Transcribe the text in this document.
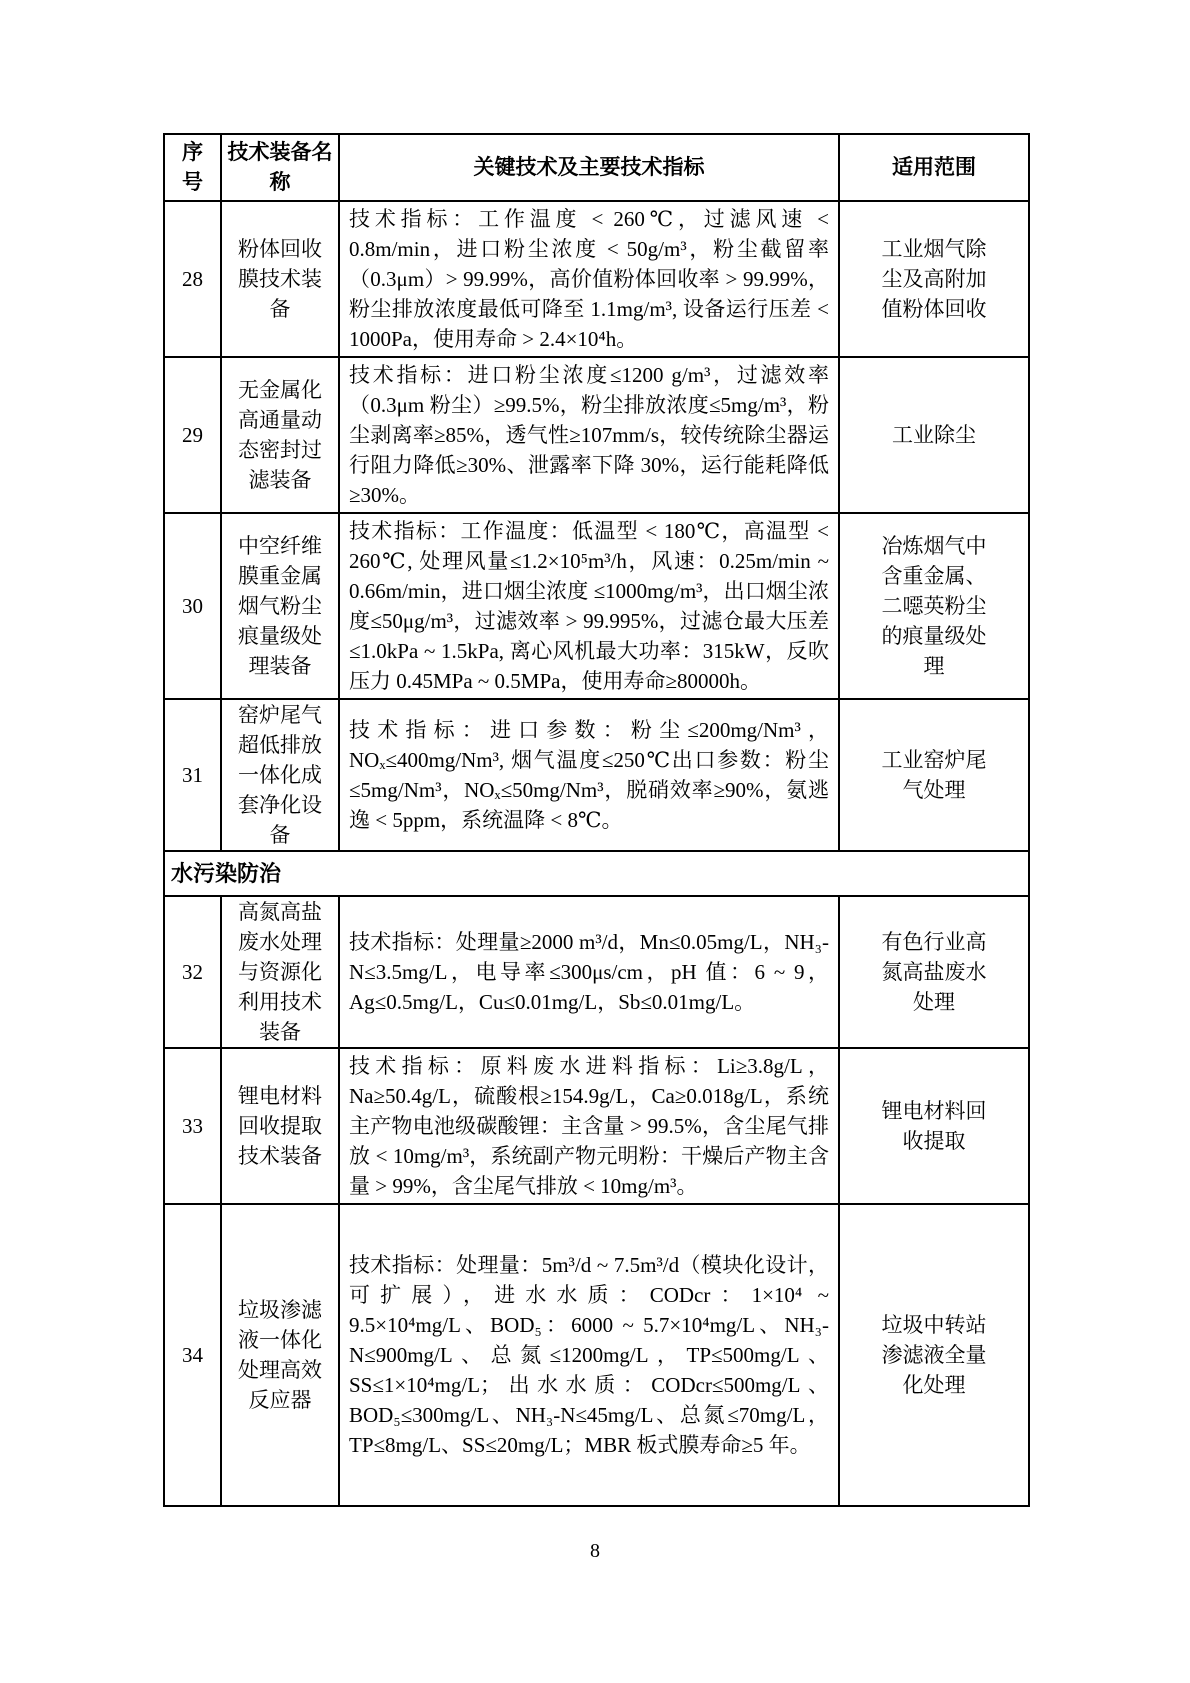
序号	技术装备名称	关键技术及主要技术指标	适用范围
28	粉体回收膜技术装备	技术指标：工作温度 < 260℃，过滤风速 < 0.8m/min，进口粉尘浓度 < 50g/m³，粉尘截留率（0.3μm）> 99.99%，高价值粉体回收率 > 99.99%，粉尘排放浓度最低可降至 1.1mg/m³, 设备运行压差 < 1000Pa，使用寿命 > 2.4×10⁴h。	工业烟气除尘及高附加值粉体回收
29	无金属化高通量动态密封过滤装备	技术指标：进口粉尘浓度≤1200 g/m³，过滤效率（0.3μm 粉尘）≥99.5%，粉尘排放浓度≤5mg/m³，粉尘剥离率≥85%，透气性≥107mm/s，较传统除尘器运行阻力降低≥30%、泄露率下降 30%，运行能耗降低≥30%。	工业除尘
30	中空纤维膜重金属烟气粉尘痕量级处理装备	技术指标：工作温度：低温型 < 180℃，高温型 < 260℃, 处理风量≤1.2×10⁵m³/h，风速：0.25m/min ~ 0.66m/min，进口烟尘浓度 ≤1000mg/m³，出口烟尘浓度≤50μg/m³，过滤效率 > 99.995%，过滤仓最大压差≤1.0kPa ~ 1.5kPa, 离心风机最大功率：315kW，反吹压力 0.45MPa ~ 0.5MPa，使用寿命≥80000h。	冶炼烟气中含重金属、二噁英粉尘的痕量级处理
31	窑炉尾气超低排放一体化成套净化设备	技术指标：进口参数：粉尘≤200mg/Nm³，NOₓ≤400mg/Nm³, 烟气温度≤250℃出口参数：粉尘≤5mg/Nm³，NOₓ≤50mg/Nm³，脱硝效率≥90%，氨逃逸 < 5ppm，系统温降 < 8℃。	工业窑炉尾气处理
水污染防治			
32	高氮高盐废水处理与资源化利用技术装备	技术指标：处理量≥2000 m³/d，Mn≤0.05mg/L，NH₃-N≤3.5mg/L，电导率≤300μs/cm，pH 值：6 ~ 9，Ag≤0.5mg/L，Cu≤0.01mg/L，Sb≤0.01mg/L。	有色行业高氮高盐废水处理
33	锂电材料回收提取技术装备	技术指标：原料废水进料指标：Li≥3.8g/L，Na≥50.4g/L，硫酸根≥154.9g/L，Ca≥0.018g/L，系统主产物电池级碳酸锂：主含量 > 99.5%，含尘尾气排放 < 10mg/m³，系统副产物元明粉：干燥后产物主含量 > 99%，含尘尾气排放 < 10mg/m³。	锂电材料回收提取
34	垃圾渗滤液一体化处理高效反应器	技术指标：处理量：5m³/d ~ 7.5m³/d（模块化设计，可扩展），进水水质：CODcr：1×10⁴ ~ 9.5×10⁴mg/L、BOD₅：6000 ~ 5.7×10⁴mg/L、NH₃-N≤900mg/L、总氮≤1200mg/L，TP≤500mg/L、SS≤1×10⁴mg/L；出水水质：CODcr≤500mg/L、BOD₅≤300mg/L、NH₃-N≤45mg/L、总氮≤70mg/L，TP≤8mg/L、SS≤20mg/L；MBR 板式膜寿命≥5 年。	垃圾中转站渗滤液全量化处理
8
